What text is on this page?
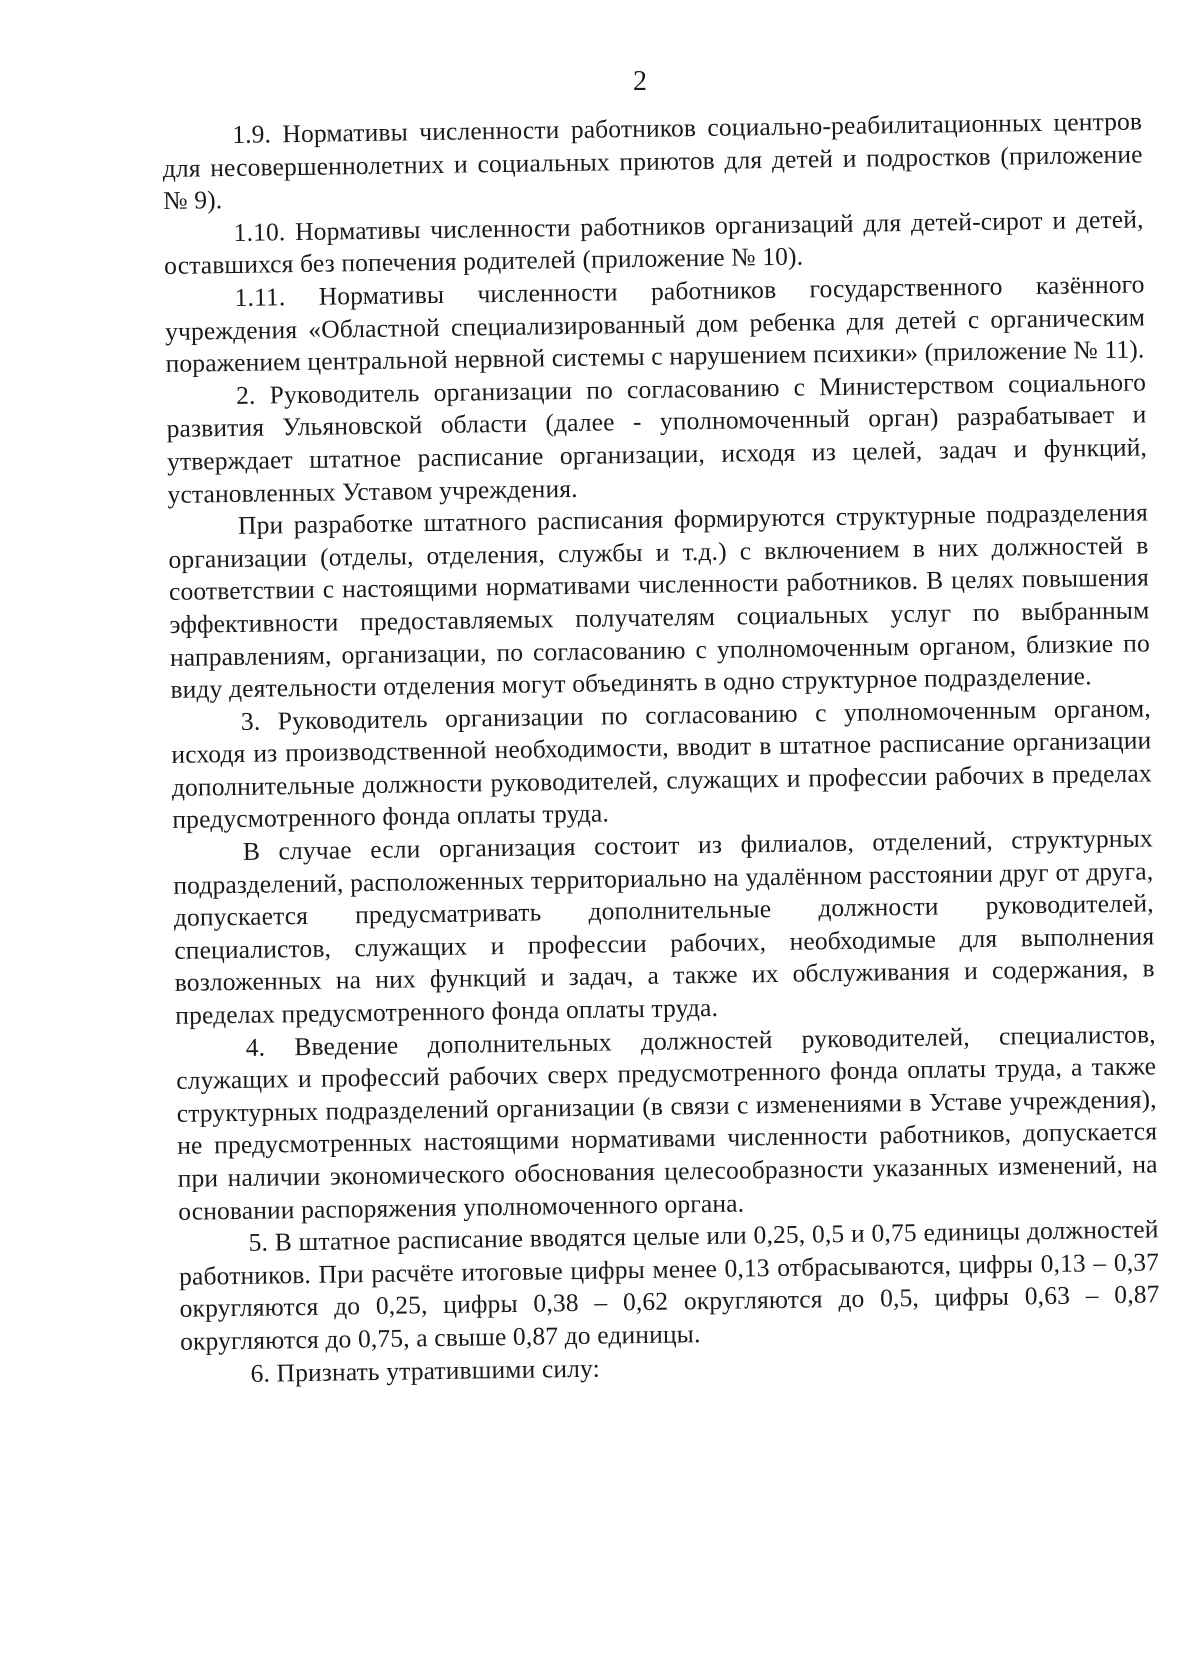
2

1.9. Нормативы численности работников социально-реабилитационных центров для несовершеннолетних и социальных приютов для детей и подростков (приложение № 9).

1.10. Нормативы численности работников организаций для детей-сирот и детей, оставшихся без попечения родителей (приложение № 10).

1.11. Нормативы численности работников государственного казённого учреждения «Областной специализированный дом ребенка для детей с органическим поражением центральной нервной системы с нарушением психики» (приложение № 11).

2. Руководитель организации по согласованию с Министерством социального развития Ульяновской области (далее - уполномоченный орган) разрабатывает и утверждает штатное расписание организации, исходя из целей, задач и функций, установленных Уставом учреждения.

При разработке штатного расписания формируются структурные подразделения организации (отделы, отделения, службы и т.д.) с включением в них должностей в соответствии с настоящими нормативами численности работников. В целях повышения эффективности предоставляемых получателям социальных услуг по выбранным направлениям, организации, по согласованию с уполномоченным органом, близкие по виду деятельности отделения могут объединять в одно структурное подразделение.

3. Руководитель организации по согласованию с уполномоченным органом, исходя из производственной необходимости, вводит в штатное расписание организации дополнительные должности руководителей, служащих и профессии рабочих в пределах предусмотренного фонда оплаты труда.

В случае если организация состоит из филиалов, отделений, структурных подразделений, расположенных территориально на удалённом расстоянии друг от друга, допускается предусматривать дополнительные должности руководителей, специалистов, служащих и профессии рабочих, необходимые для выполнения возложенных на них функций и задач, а также их обслуживания и содержания, в пределах предусмотренного фонда оплаты труда.

4. Введение дополнительных должностей руководителей, специалистов, служащих и профессий рабочих сверх предусмотренного фонда оплаты труда, а также структурных подразделений организации (в связи с изменениями в Уставе учреждения), не предусмотренных настоящими нормативами численности работников, допускается при наличии экономического обоснования целесообразности указанных изменений, на основании распоряжения уполномоченного органа.

5. В штатное расписание вводятся целые или 0,25, 0,5 и 0,75 единицы должностей работников. При расчёте итоговые цифры менее 0,13 отбрасываются, цифры 0,13 – 0,37 округляются до 0,25, цифры 0,38 – 0,62 округляются до 0,5, цифры 0,63 – 0,87 округляются до 0,75, а свыше 0,87 до единицы.

6. Признать утратившими силу:
